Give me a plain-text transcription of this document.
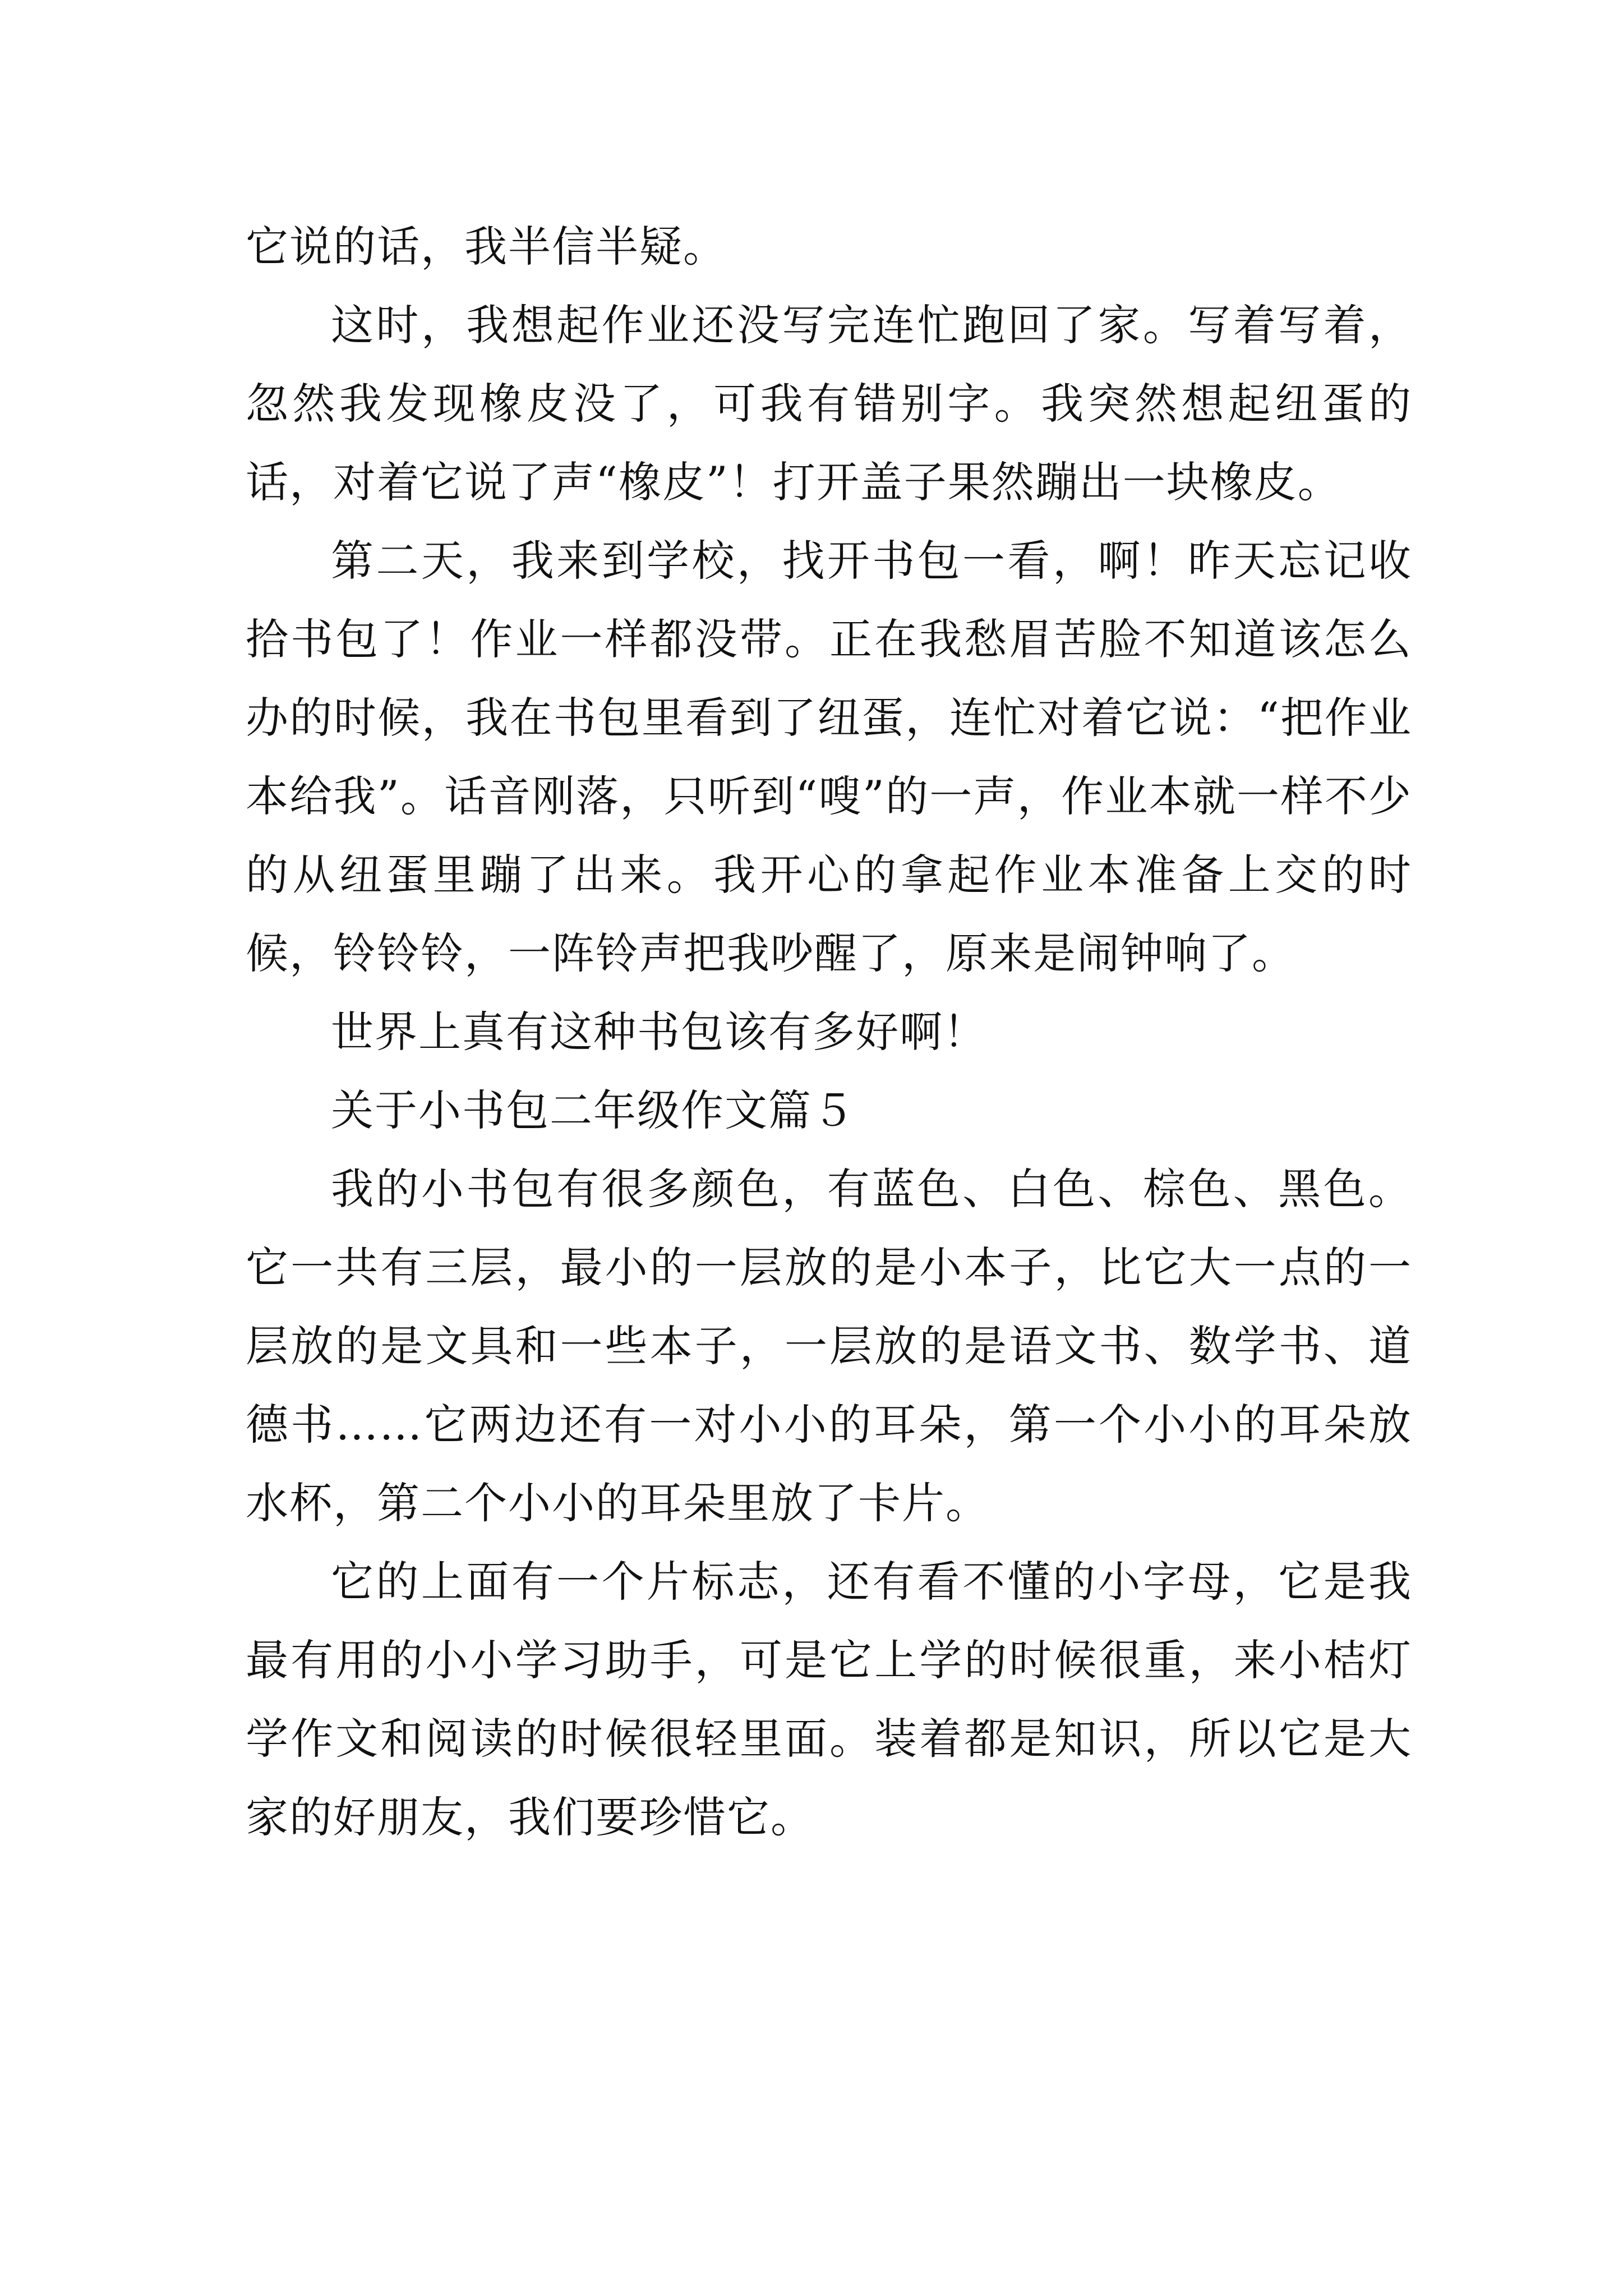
它说的话，我半信半疑。

这时，我想起作业还没写完连忙跑回了家。写着写着，忽然我发现橡皮没了，可我有错别字。我突然想起纽蛋的话，对着它说了声“橡皮”！打开盖子果然蹦出一块橡皮。

第二天，我来到学校，找开书包一看，啊！昨天忘记收拾书包了！作业一样都没带。正在我愁眉苦脸不知道该怎么办的时候，我在书包里看到了纽蛋，连忙对着它说：“把作业本给我”。话音刚落，只听到“嗖”的一声，作业本就一样不少的从纽蛋里蹦了出来。我开心的拿起作业本准备上交的时候，铃铃铃，一阵铃声把我吵醒了，原来是闹钟响了。

世界上真有这种书包该有多好啊！

关于小书包二年级作文篇５

我的小书包有很多颜色，有蓝色、白色、棕色、黑色。它一共有三层，最小的一层放的是小本子，比它大一点的一层放的是文具和一些本子，一层放的是语文书、数学书、道德书……它两边还有一对小小的耳朵，第一个小小的耳朵放水杯，第二个小小的耳朵里放了卡片。

它的上面有一个片标志，还有看不懂的小字母，它是我最有用的小小学习助手，可是它上学的时候很重，来小桔灯学作文和阅读的时候很轻里面。装着都是知识，所以它是大家的好朋友，我们要珍惜它。
